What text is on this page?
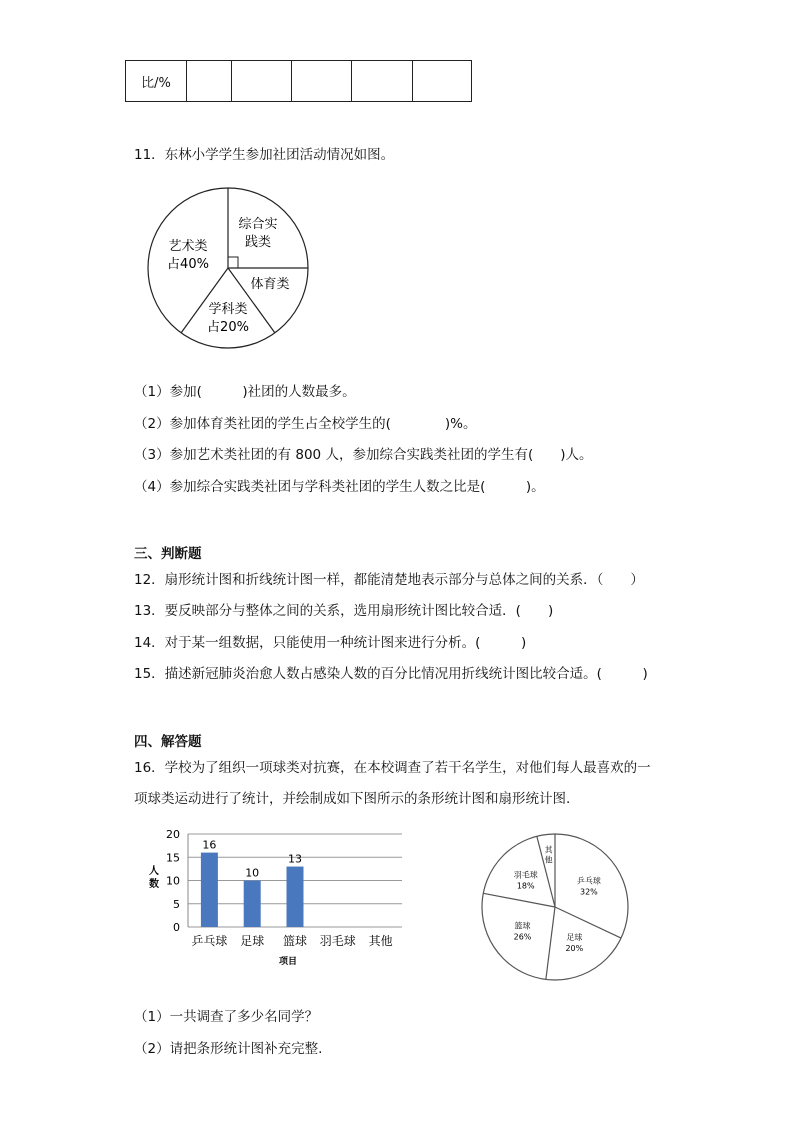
比/%					
11．东林小学学生参加社团活动情况如图。
艺术类
占40%
综合实
践类
体育类
学科类
占20%
（1）参加(　　　)社团的人数最多。
（2）参加体育类社团的学生占全校学生的(　　　　)%。
（3）参加艺术类社团的有 800 人，参加综合实践类社团的学生有(　　)人。
（4）参加综合实践类社团与学科类社团的学生人数之比是(　　　)。
三、判断题
12．扇形统计图和折线统计图一样，都能清楚地表示部分与总体之间的关系．（　　）
13．要反映部分与整体之间的关系，选用扇形统计图比较合适．(　　)
14．对于某一组数据，只能使用一种统计图来进行分析。(　　　)
15．描述新冠肺炎治愈人数占感染人数的百分比情况用折线统计图比较合适。(　　　)
四、解答题
16．学校为了组织一项球类对抗赛，在本校调查了若干名学生，对他们每人最喜欢的一
项球类运动进行了统计，并绘制成如下图所示的条形统计图和扇形统计图.
0
5
10
15
20
人
数
16
乒乓球
10
足球
13
篮球 羽毛球 其他
项目
乒乓球
32%
足球
20%
篮球
26%
羽毛球
18%
其
他
（1）一共调查了多少名同学？
（2）请把条形统计图补充完整.
